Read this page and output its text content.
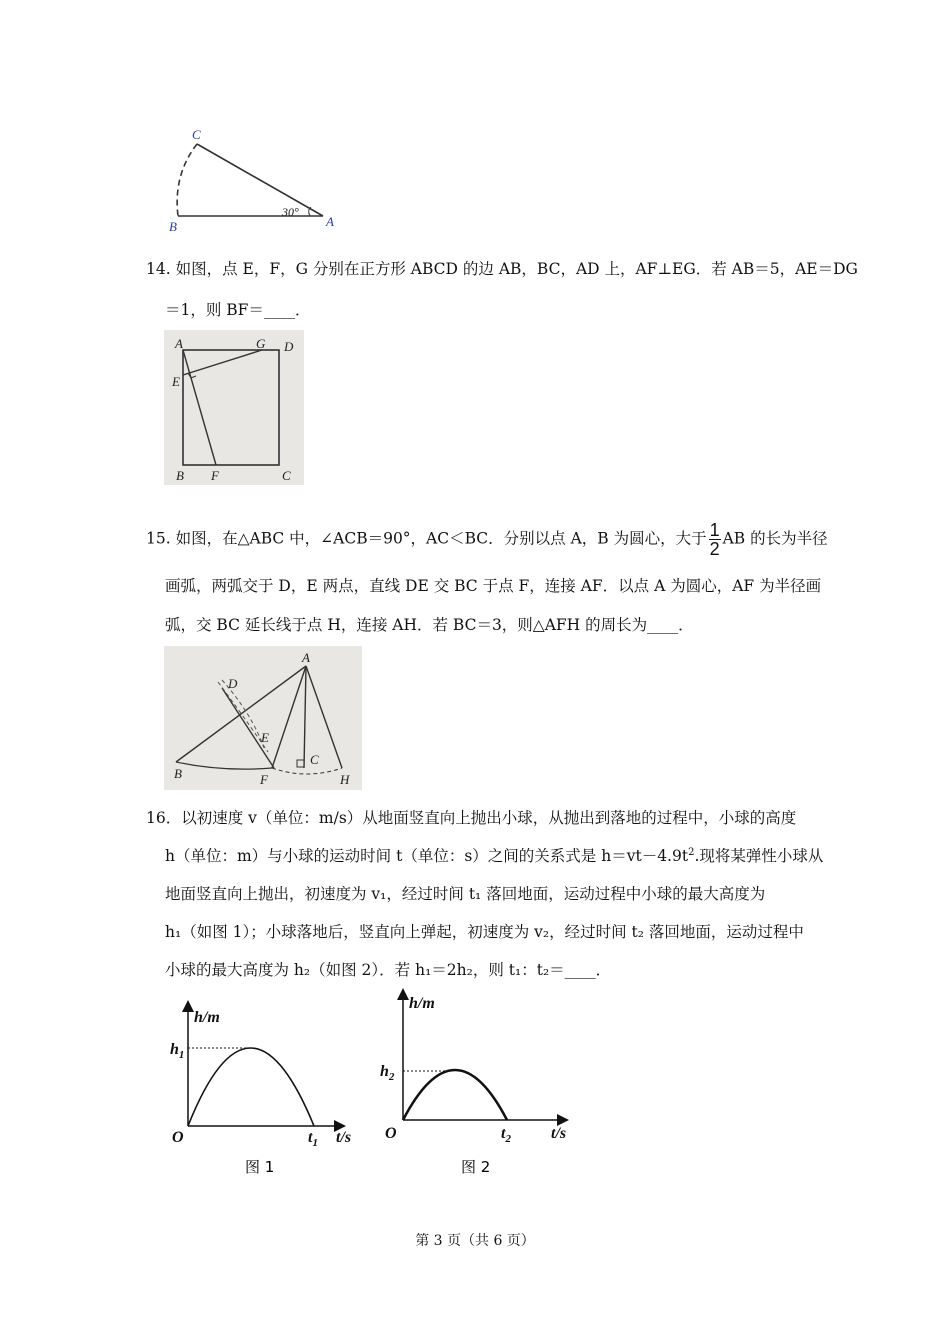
C
B	A
30°
14. 如图，点 E，F，G 分别在正方形 ABCD 的边 AB，BC，AD 上，AF⊥EG．若 AB＝5，AE＝DG
＝1，则 BF＝____．
A	G D
E
B F	C
15. 如图，在△ABC 中，∠ACB＝90°，AC＜BC．分别以点 A，B 为圆心，大于 $\frac{1}{2}$ AB 的长为半径
画弧，两弧交于 D，E 两点，直线 DE 交 BC 于点 F，连接 AF．以点 A 为圆心，AF 为半径画
弧，交 BC 延长线于点 H，连接 AH．若 BC＝3，则△AFH 的周长为____．
A
D
E
B	F
C
H
16．以初速度 v（单位：m/s）从地面竖直向上抛出小球，从抛出到落地的过程中，小球的高度
h（单位：m）与小球的运动时间 t（单位：s）之间的关系式是 $h=vt-4.9t^2$.现将某弹性小球从
地面竖直向上抛出，初速度为 v₁，经过时间 t₁ 落回地面，运动过程中小球的最大高度为
h₁（如图 1）；小球落地后，竖直向上弹起，初速度为 v₂，经过时间 t₂ 落回地面，运动过程中
小球的最大高度为 h₂（如图 2）．若 h₁＝2h₂，则 t₁：t₂＝____．
h/m
O
$h_1$
$t_1$ t/s
图 1
h/m
O
$h_2$
$t_2$	t/s
图 2
第 3 页（共 6 页）
